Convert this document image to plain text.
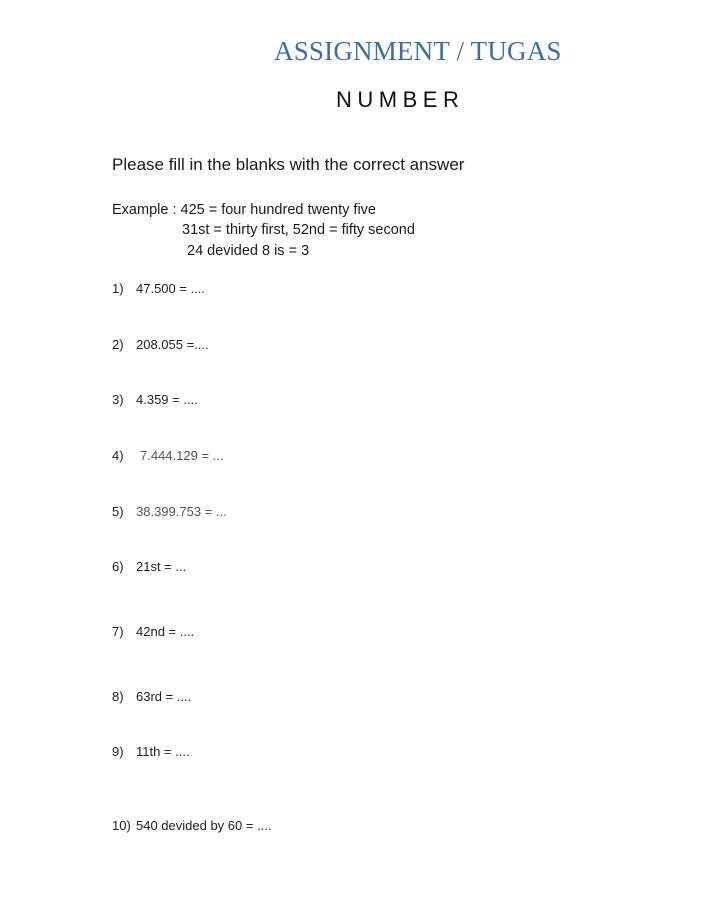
ASSIGNMENT / TUGAS
NUMBER
Please fill in the blanks with the correct answer
Example : 425 = four hundred twenty five
31st = thirty first, 52nd = fifty second
24 devided 8 is = 3
1) 47.500 = ....
2) 208.055 =....
3) 4.359 = ....
4) 7.444.129 = ...
5) 38.399.753 = ...
6) 21st = ...
7) 42nd = ....
8) 63rd = ....
9) 11th = ....
10) 540 devided by 60 = ....
